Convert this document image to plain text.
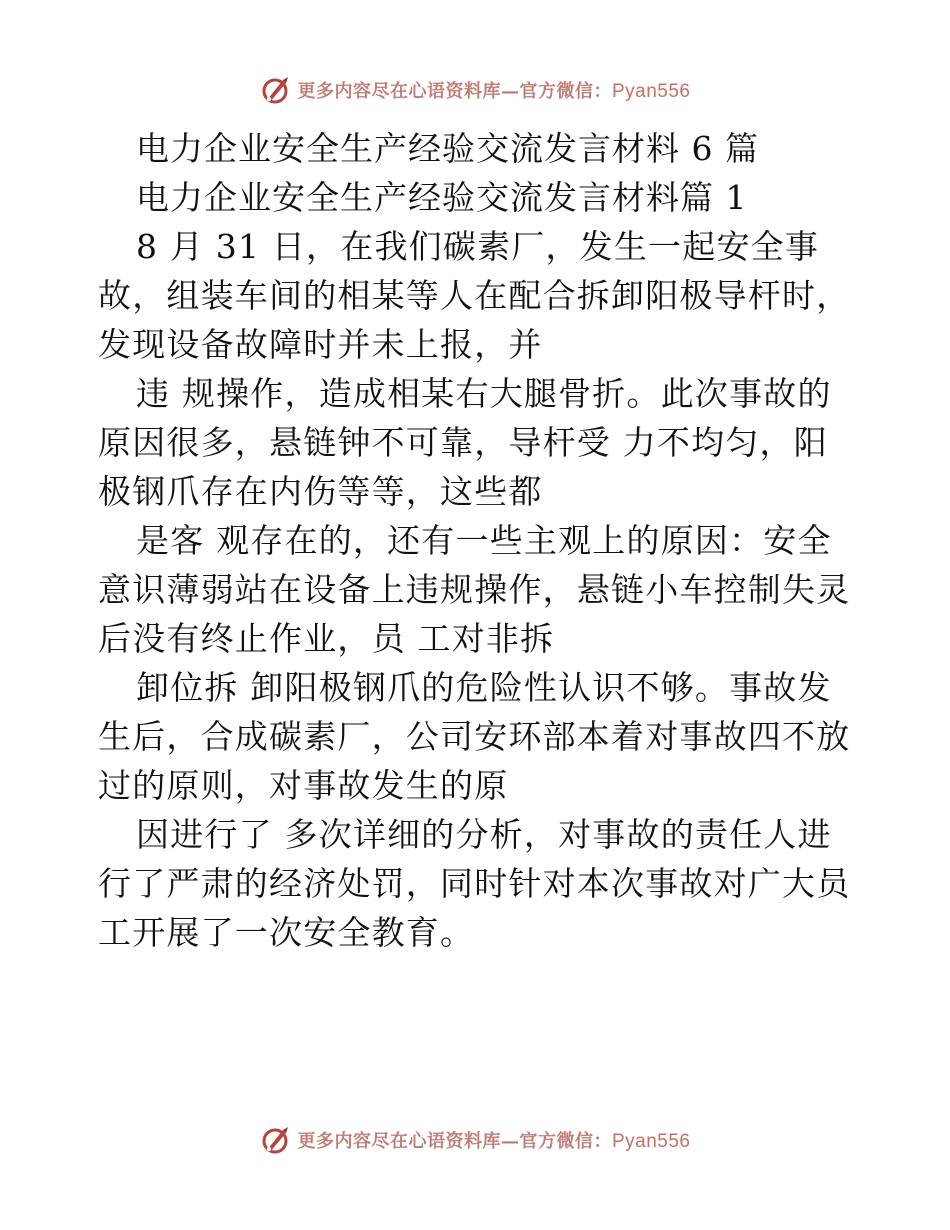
更多内容尽在心语资料库—官方微信：Pyan556
电力企业安全生产经验交流发言材料 6 篇
电力企业安全生产经验交流发言材料篇 1
8 月 31 日，在我们碳素厂，发生一起安全事
故，组装车间的相某等人在配合拆卸阳极导杆时，
发现设备故障时并未上报，并
违 规操作，造成相某右大腿骨折。此次事故的
原因很多，悬链钟不可靠，导杆受 力不均匀，阳
极钢爪存在内伤等等，这些都
是客 观存在的，还有一些主观上的原因：安全
意识薄弱站在设备上违规操作，悬链小车控制失灵
后没有终止作业，员 工对非拆
卸位拆 卸阳极钢爪的危险性认识不够。事故发
生后，合成碳素厂，公司安环部本着对事故四不放
过的原则，对事故发生的原
因进行了 多次详细的分析，对事故的责任人进
行了严肃的经济处罚，同时针对本次事故对广大员
工开展了一次安全教育。
更多内容尽在心语资料库—官方微信：Pyan556
